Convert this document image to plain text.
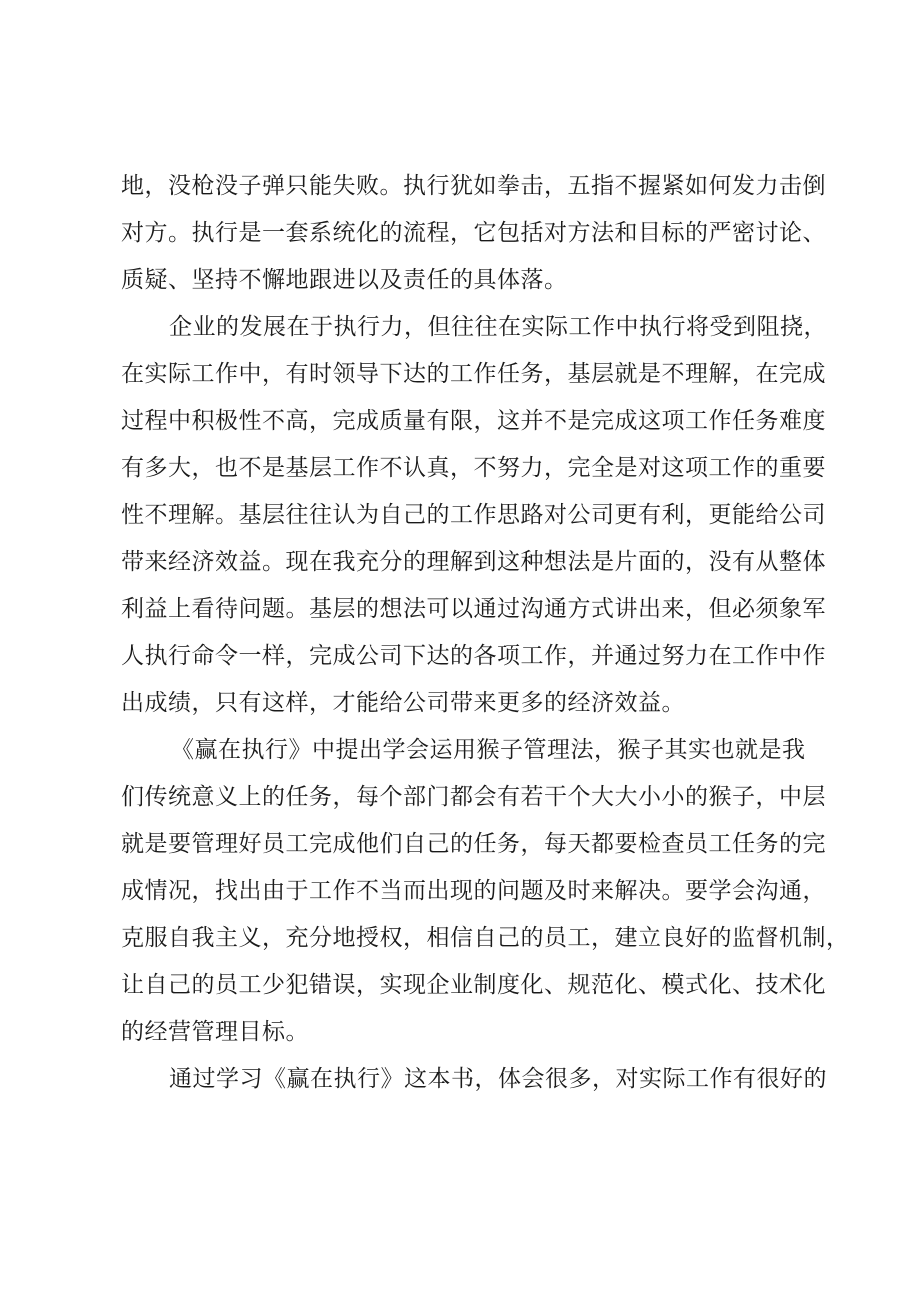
地，没枪没子弹只能失败。执行犹如拳击，五指不握紧如何发力击倒
对方。执行是一套系统化的流程，它包括对方法和目标的严密讨论、
质疑、坚持不懈地跟进以及责任的具体落。
企业的发展在于执行力，但往往在实际工作中执行将受到阻挠，
在实际工作中，有时领导下达的工作任务，基层就是不理解，在完成
过程中积极性不高，完成质量有限，这并不是完成这项工作任务难度
有多大，也不是基层工作不认真，不努力，完全是对这项工作的重要
性不理解。基层往往认为自己的工作思路对公司更有利，更能给公司
带来经济效益。现在我充分的理解到这种想法是片面的，没有从整体
利益上看待问题。基层的想法可以通过沟通方式讲出来，但必须象军
人执行命令一样，完成公司下达的各项工作，并通过努力在工作中作
出成绩，只有这样，才能给公司带来更多的经济效益。
《赢在执行》中提出学会运用猴子管理法，猴子其实也就是我
们传统意义上的任务，每个部门都会有若干个大大小小的猴子，中层
就是要管理好员工完成他们自己的任务，每天都要检查员工任务的完
成情况，找出由于工作不当而出现的问题及时来解决。要学会沟通，
克服自我主义，充分地授权，相信自己的员工，建立良好的监督机制，
让自己的员工少犯错误，实现企业制度化、规范化、模式化、技术化
的经营管理目标。
通过学习《赢在执行》这本书，体会很多，对实际工作有很好的
